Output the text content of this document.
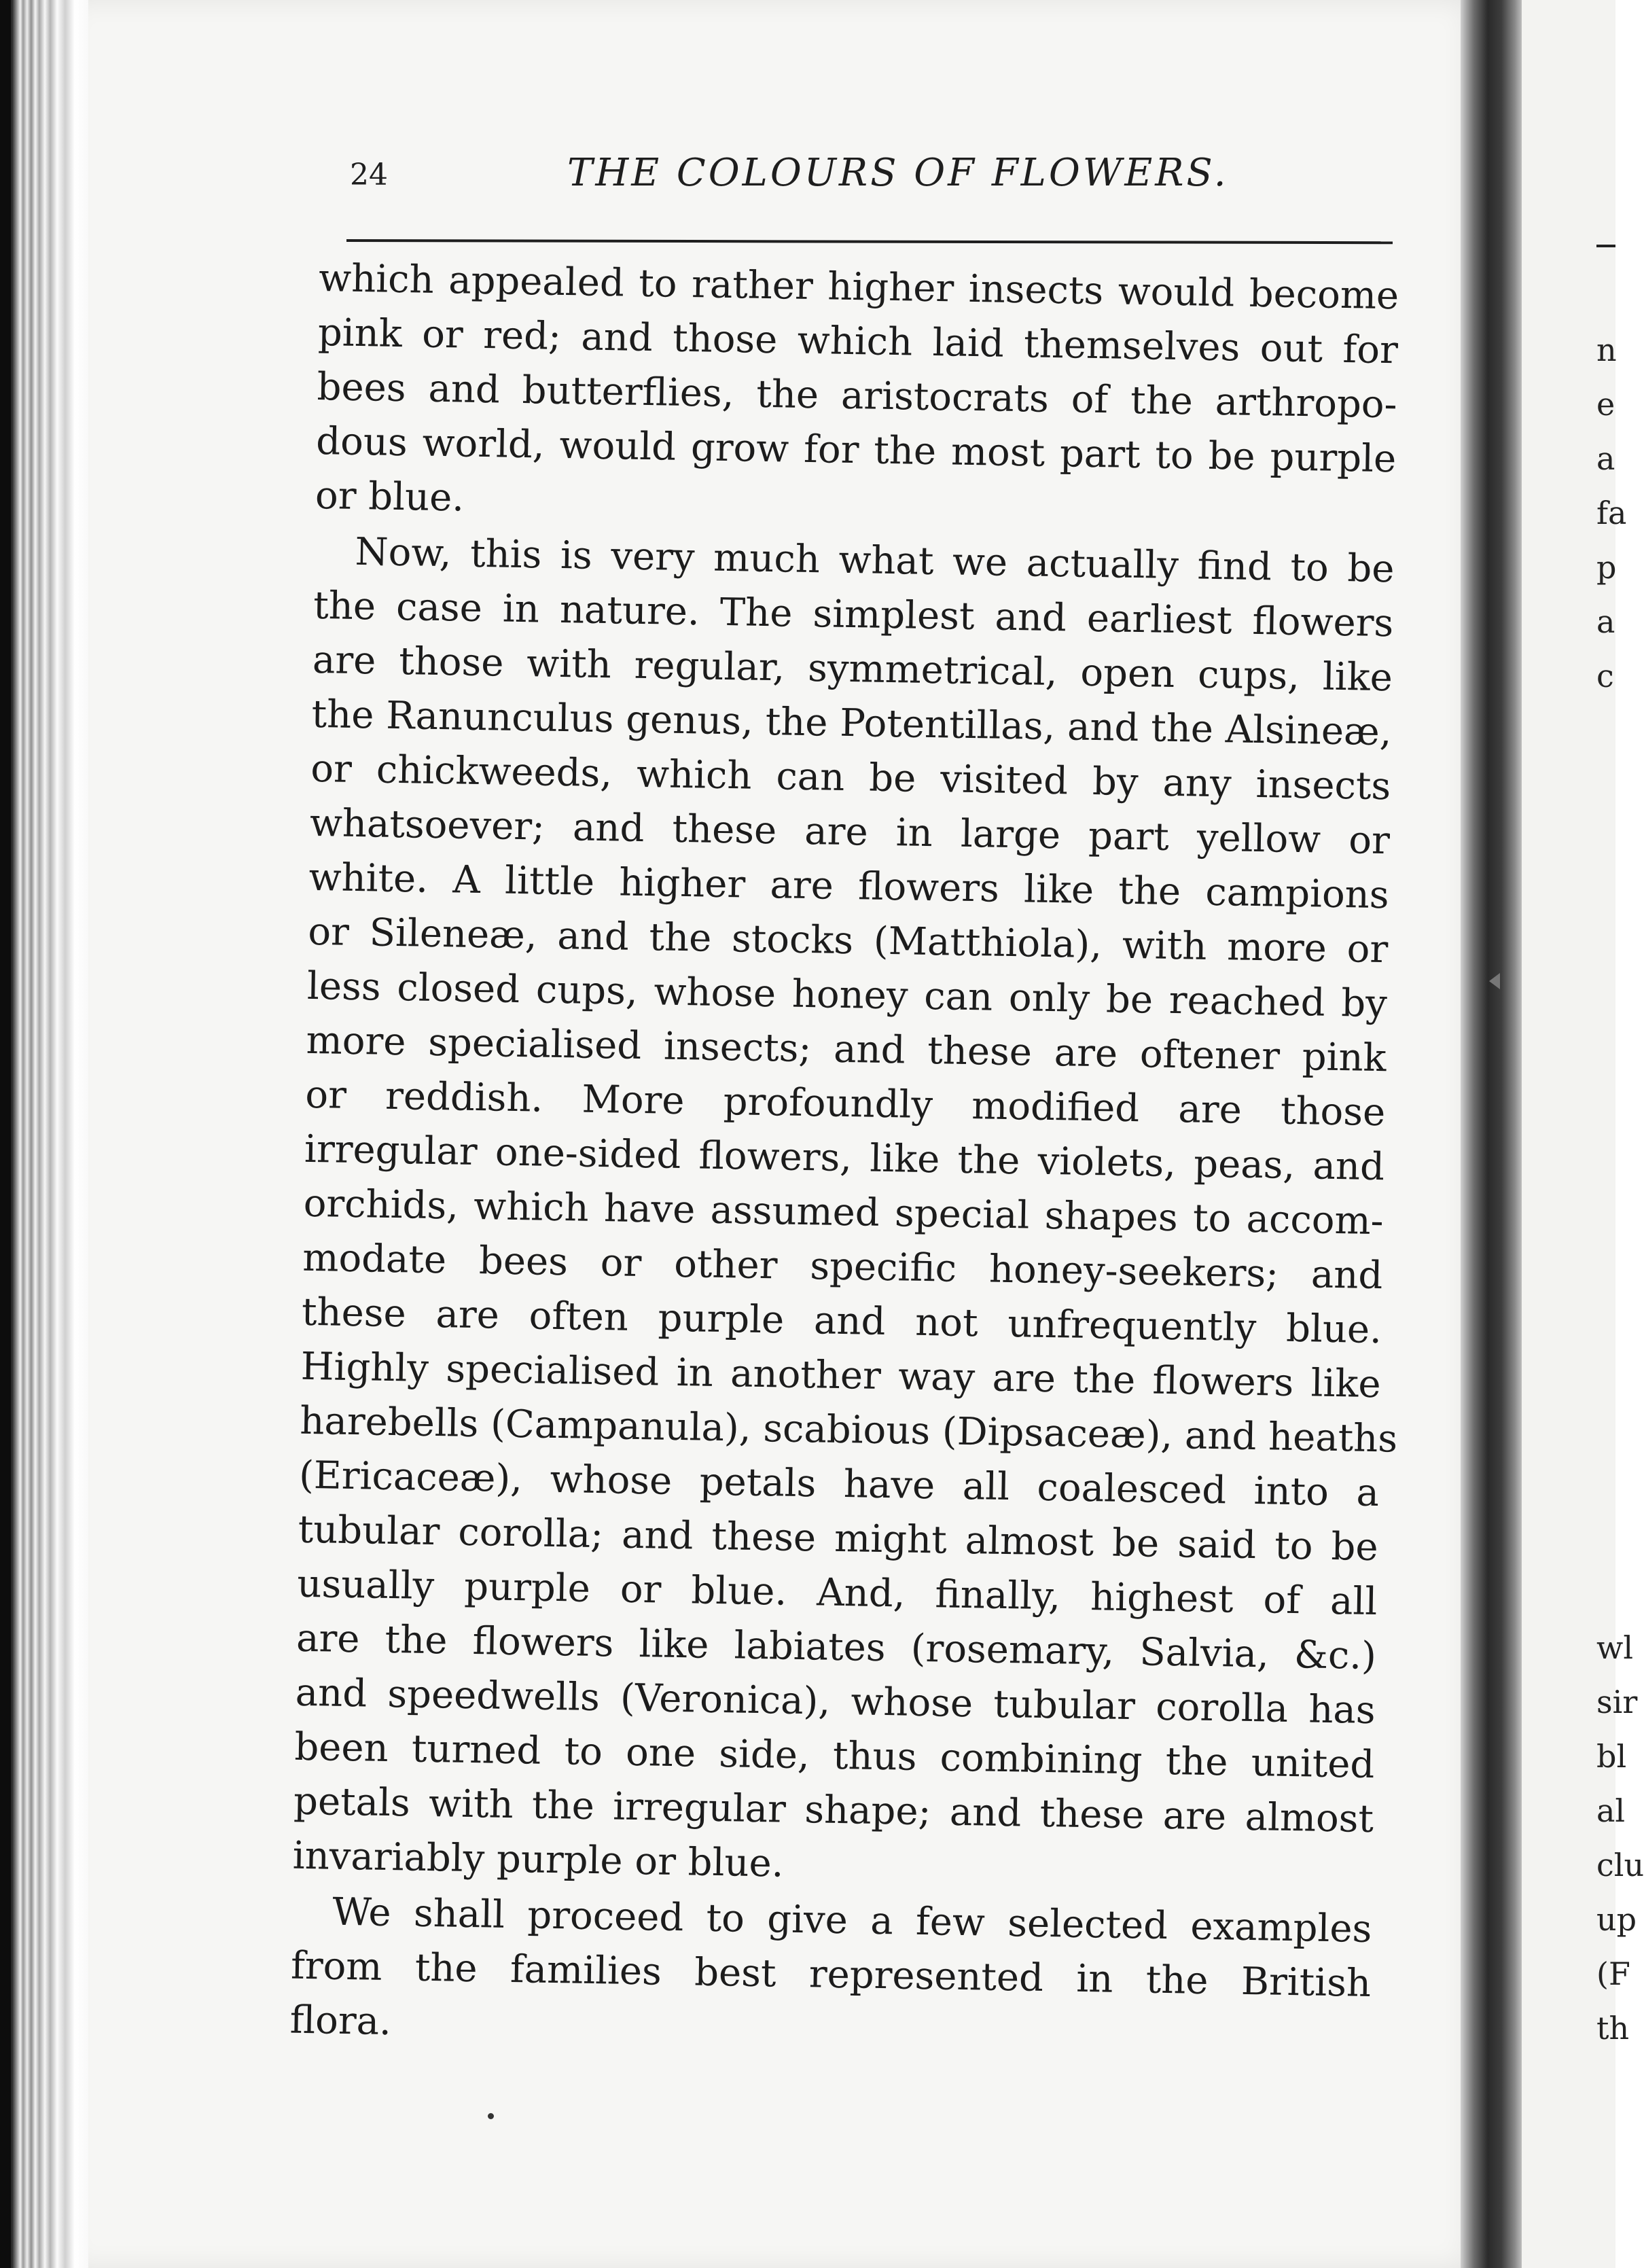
24	THE COLOURS OF FLOWERS.
which appealed to rather higher insects would become
pink or red; and those which laid themselves out for
bees and butterflies, the aristocrats of the arthropo-
dous world, would grow for the most part to be purple
or blue.
Now, this is very much what we actually find to be
the case in nature. The simplest and earliest flowers
are those with regular, symmetrical, open cups, like
the Ranunculus genus, the Potentillas, and the Alsineæ,
or chickweeds, which can be visited by any insects
whatsoever; and these are in large part yellow or
white. A little higher are flowers like the campions
or Sileneæ, and the stocks (Matthiola), with more or
less closed cups, whose honey can only be reached by
more specialised insects; and these are oftener pink
or reddish. More profoundly modified are those
irregular one-sided flowers, like the violets, peas, and
orchids, which have assumed special shapes to accom-
modate bees or other specific honey-seekers; and
these are often purple and not unfrequently blue.
Highly specialised in another way are the flowers like
harebells (Campanula), scabious (Dipsaceæ), and heaths
(Ericaceæ), whose petals have all coalesced into a
tubular corolla; and these might almost be said to be
usually purple or blue. And, finally, highest of all
are the flowers like labiates (rosemary, Salvia, &c.)
and speedwells (Veronica), whose tubular corolla has
been turned to one side, thus combining the united
petals with the irregular shape; and these are almost
invariably purple or blue.
We shall proceed to give a few selected examples
from the families best represented in the British
flora.
n
e
a
fa
p
a
c
wl
sir
bl
al
clu
up
(F
th
